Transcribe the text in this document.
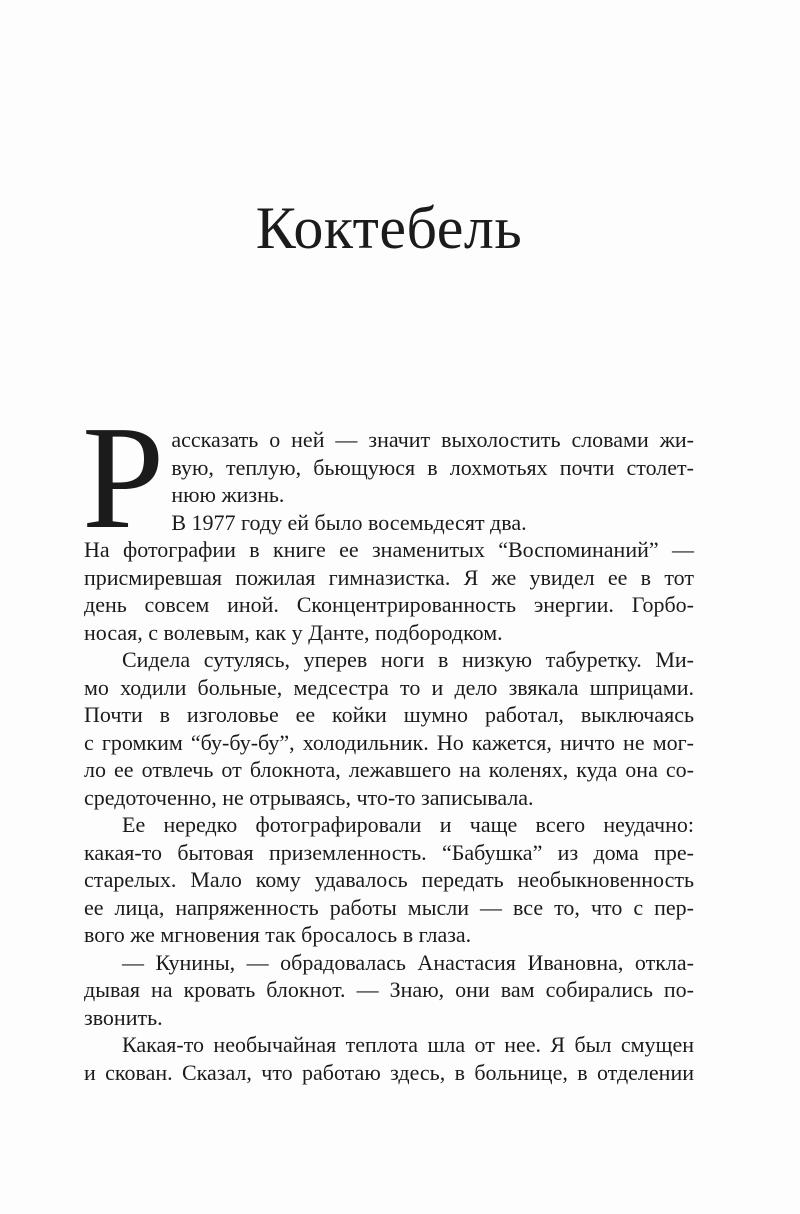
Коктебель
Р ассказать о ней — значит выхолостить словами жи-
вую, теплую, бьющуюся в лохмотьях почти столет-
нюю жизнь.
В 1977 году ей было восемьдесят два.
На фотографии в книге ее знаменитых “Воспоминаний” —
присмиревшая пожилая гимназистка. Я же увидел ее в тот
день совсем иной. Сконцентрированность энергии. Горбо-
носая, с волевым, как у Данте, подбородком.
Сидела сутулясь, уперев ноги в низкую табуретку. Ми-
мо ходили больные, медсестра то и дело звякала шприцами.
Почти в изголовье ее койки шумно работал, выключаясь
с громким “бу-бу-бу”, холодильник. Но кажется, ничто не мог-
ло ее отвлечь от блокнота, лежавшего на коленях, куда она со-
средоточенно, не отрываясь, что-то записывала.
Ее нередко фотографировали и чаще всего неудачно:
какая-то бытовая приземленность. “Бабушка” из дома пре-
старелых. Мало кому удавалось передать необыкновенность
ее лица, напряженность работы мысли — все то, что с пер-
вого же мгновения так бросалось в глаза.
— Кунины, — обрадовалась Анастасия Ивановна, откла-
дывая на кровать блокнот. — Знаю, они вам собирались по-
звонить.
Какая-то необычайная теплота шла от нее. Я был смущен
и скован. Сказал, что работаю здесь, в больнице, в отделении
